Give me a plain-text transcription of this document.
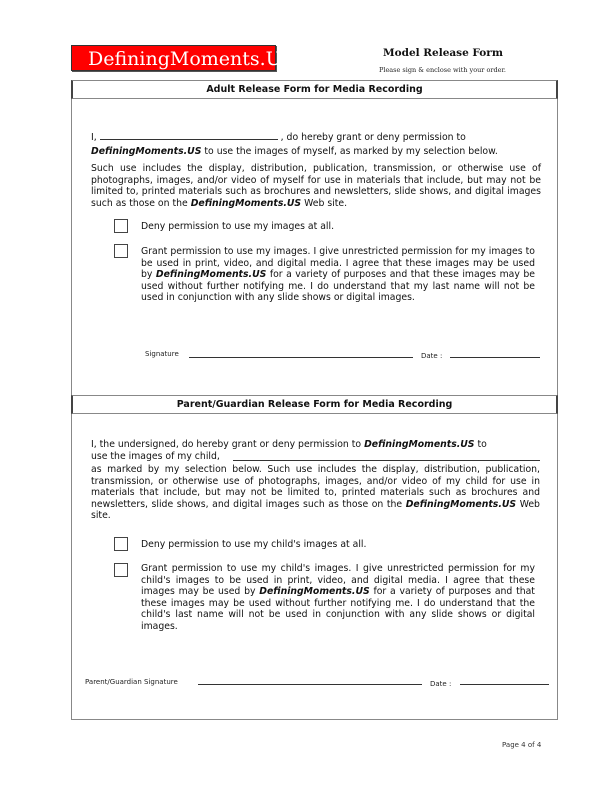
DefiningMoments.US	Model Release Form
Please sign & enclose with your order.
Adult Release Form for Media Recording
I,	, do hereby grant or deny permission to
DefiningMoments.US to use the images of myself, as marked by my selection below.
Such use includes the display, distribution, publication, transmission, or otherwise use of photographs, images, and/or video of myself for use in materials that include, but may not be limited to, printed materials such as brochures and newsletters, slide shows, and digital images such as those on the DefiningMoments.US Web site.
Deny permission to use my images at all.
Grant permission to use my images. I give unrestricted permission for my images to be used in print, video, and digital media. I agree that these images may be used by DefiningMoments.US for a variety of purposes and that these images may be used without further notifying me. I do understand that my last name will not be used in conjunction with any slide shows or digital images.
Signature	Date :
Parent/Guardian Release Form for Media Recording
I, the undersigned, do hereby grant or deny permission to DefiningMoments.US to
use the images of my child,
as marked by my selection below. Such use includes the display, distribution, publication, transmission, or otherwise use of photographs, images, and/or video of my child for use in materials that include, but may not be limited to, printed materials such as brochures and newsletters, slide shows, and digital images such as those on the DefiningMoments.US Web site.
Deny permission to use my child's images at all.
Grant permission to use my child's images. I give unrestricted permission for my child's images to be used in print, video, and digital media. I agree that these images may be used by DefiningMoments.US for a variety of purposes and that these images may be used without further notifying me. I do understand that the child's last name will not be used in conjunction with any slide shows or digital images.
Parent/Guardian Signature	Date :
Page 4 of 4
